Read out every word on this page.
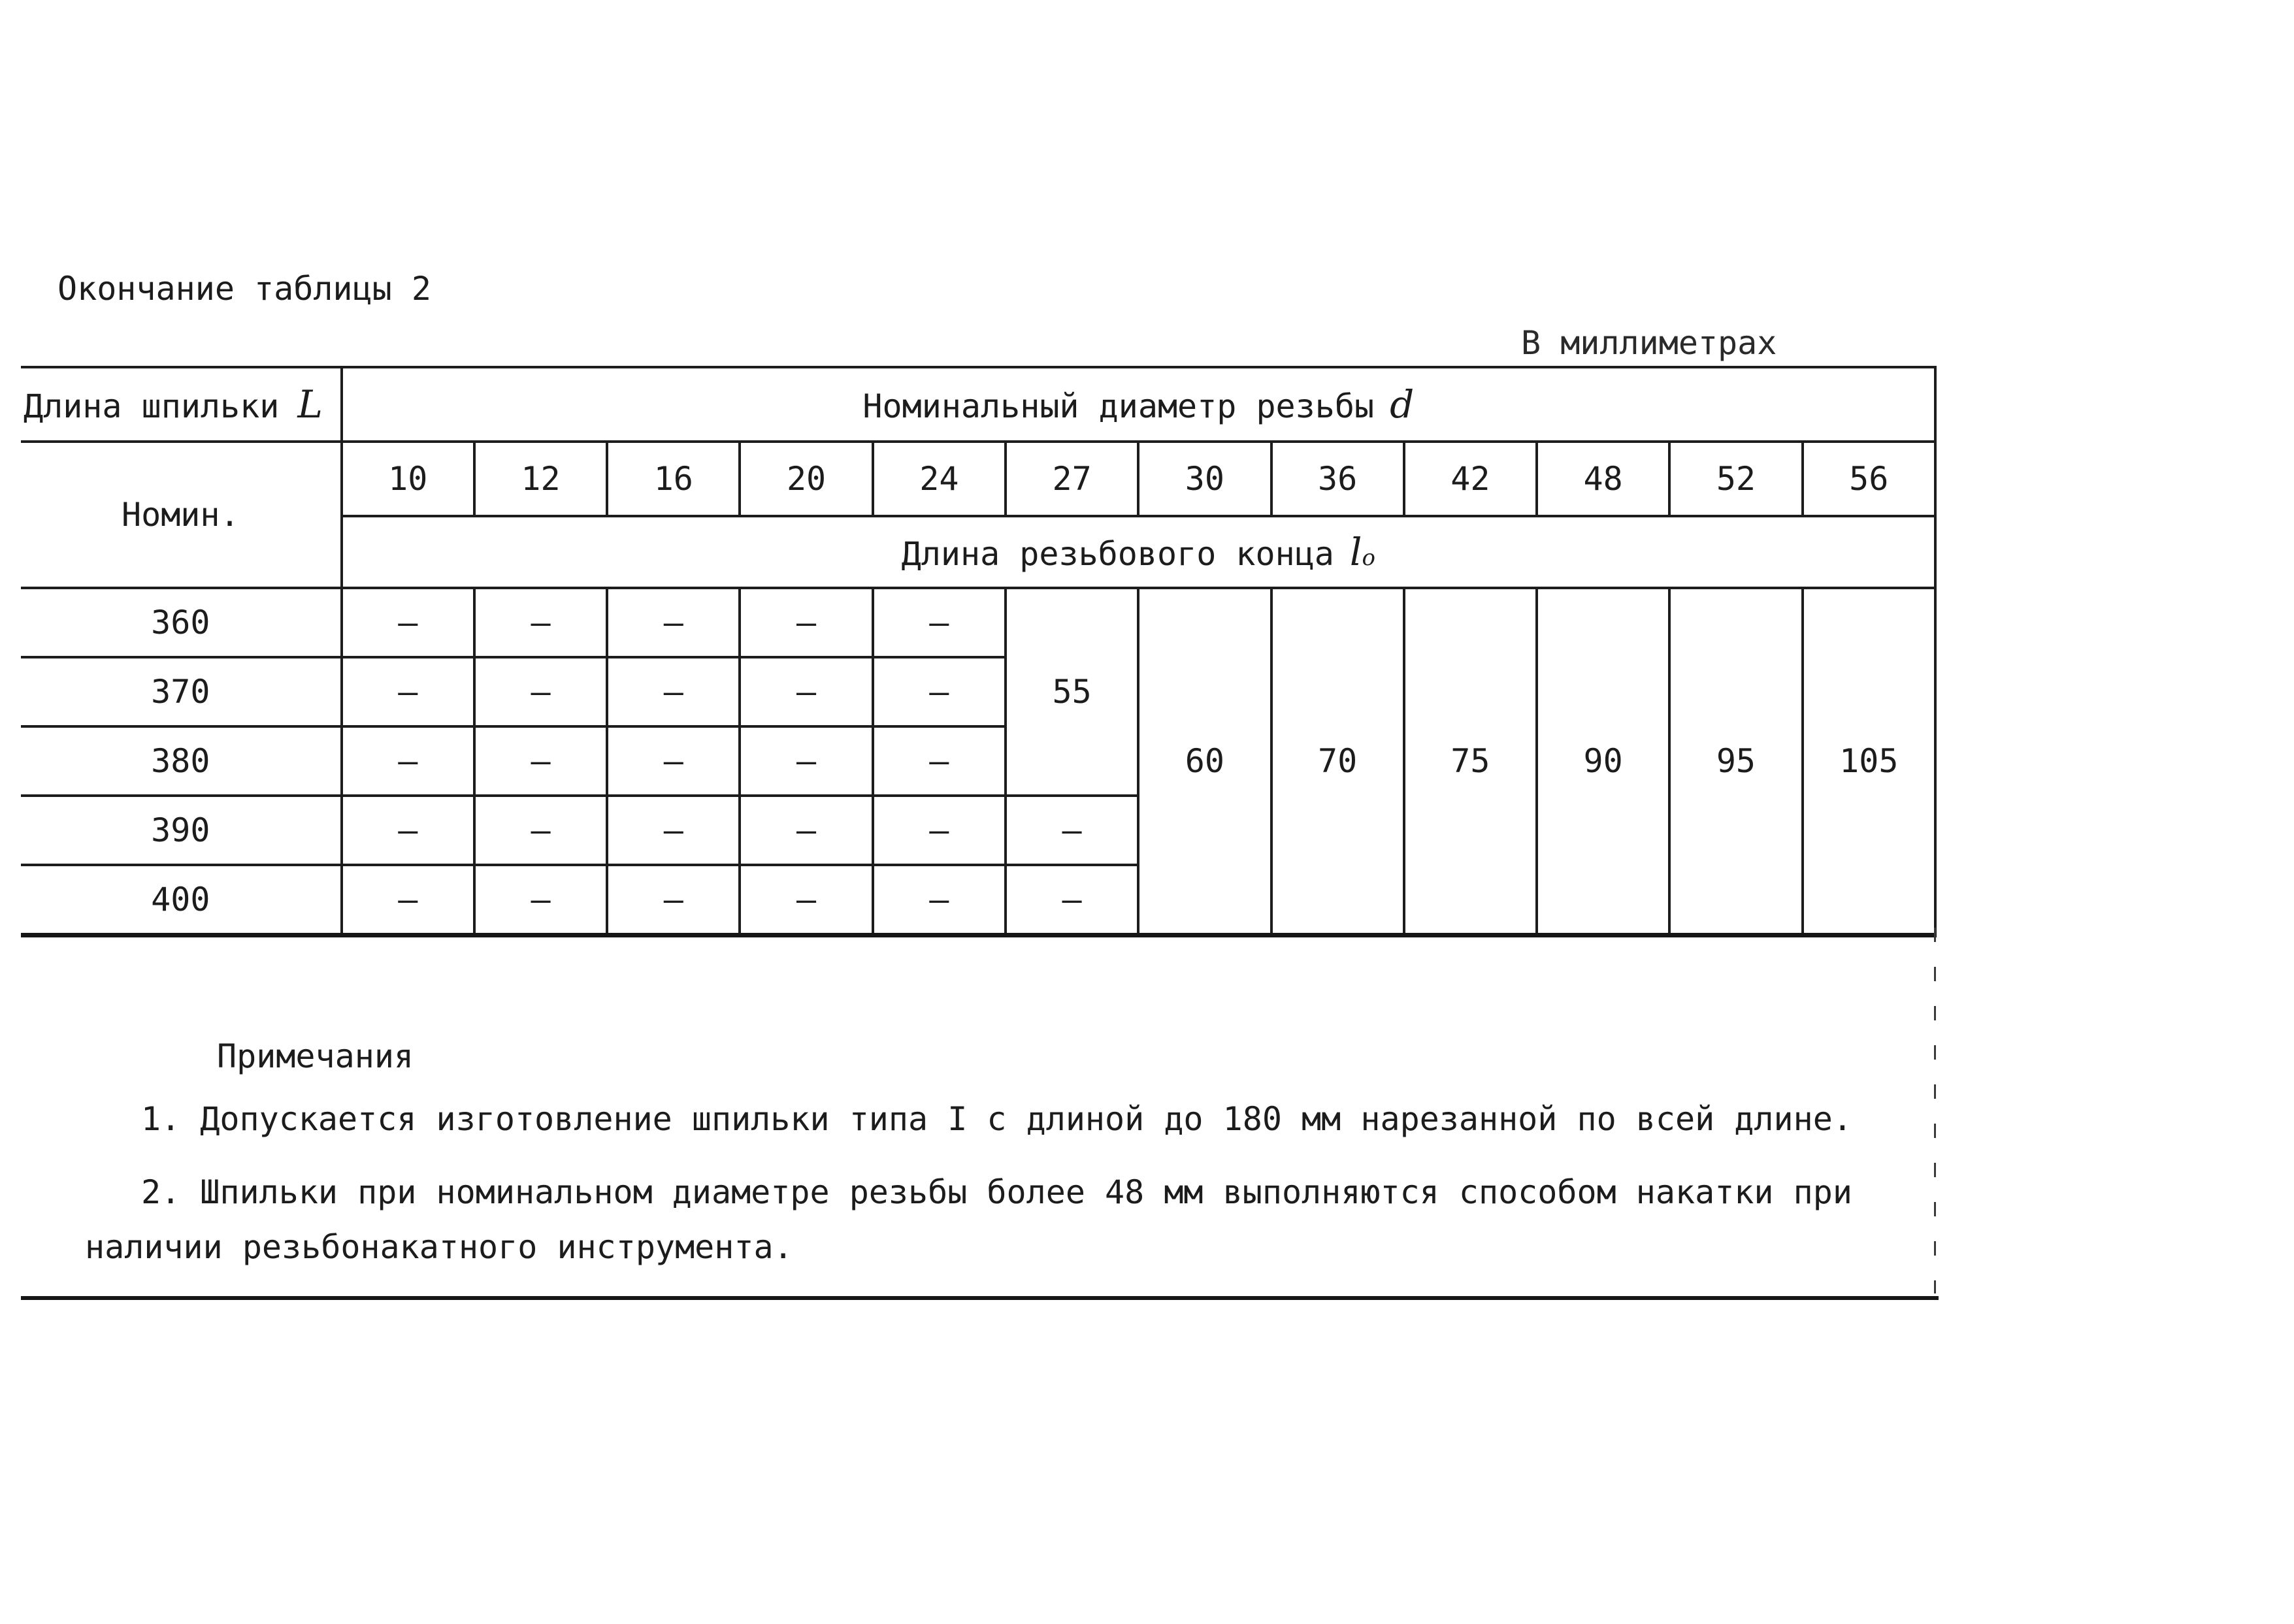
Окончание таблицы 2
В миллиметрах
Длина шпильки L	Номинальный диаметр резьбы d											
Номин.	10	12	16	20	24	27	30	36	42	48	52	56
	Длина резьбового конца lo											
360	–	–	–	–	–	55	60	70	75	90	95	105
370	–	–	–	–	–							
380	–	–	–	–	–							
390	–	–	–	–	–	–						
400	–	–	–	–	–	–						
Примечания
1. Допускается изготовление шпильки типа I с длиной до 180 мм нарезанной по всей длине.
2. Шпильки при номинальном диаметре резьбы более 48 мм выполняются способом накатки при
наличии резьбонакатного инструмента.
